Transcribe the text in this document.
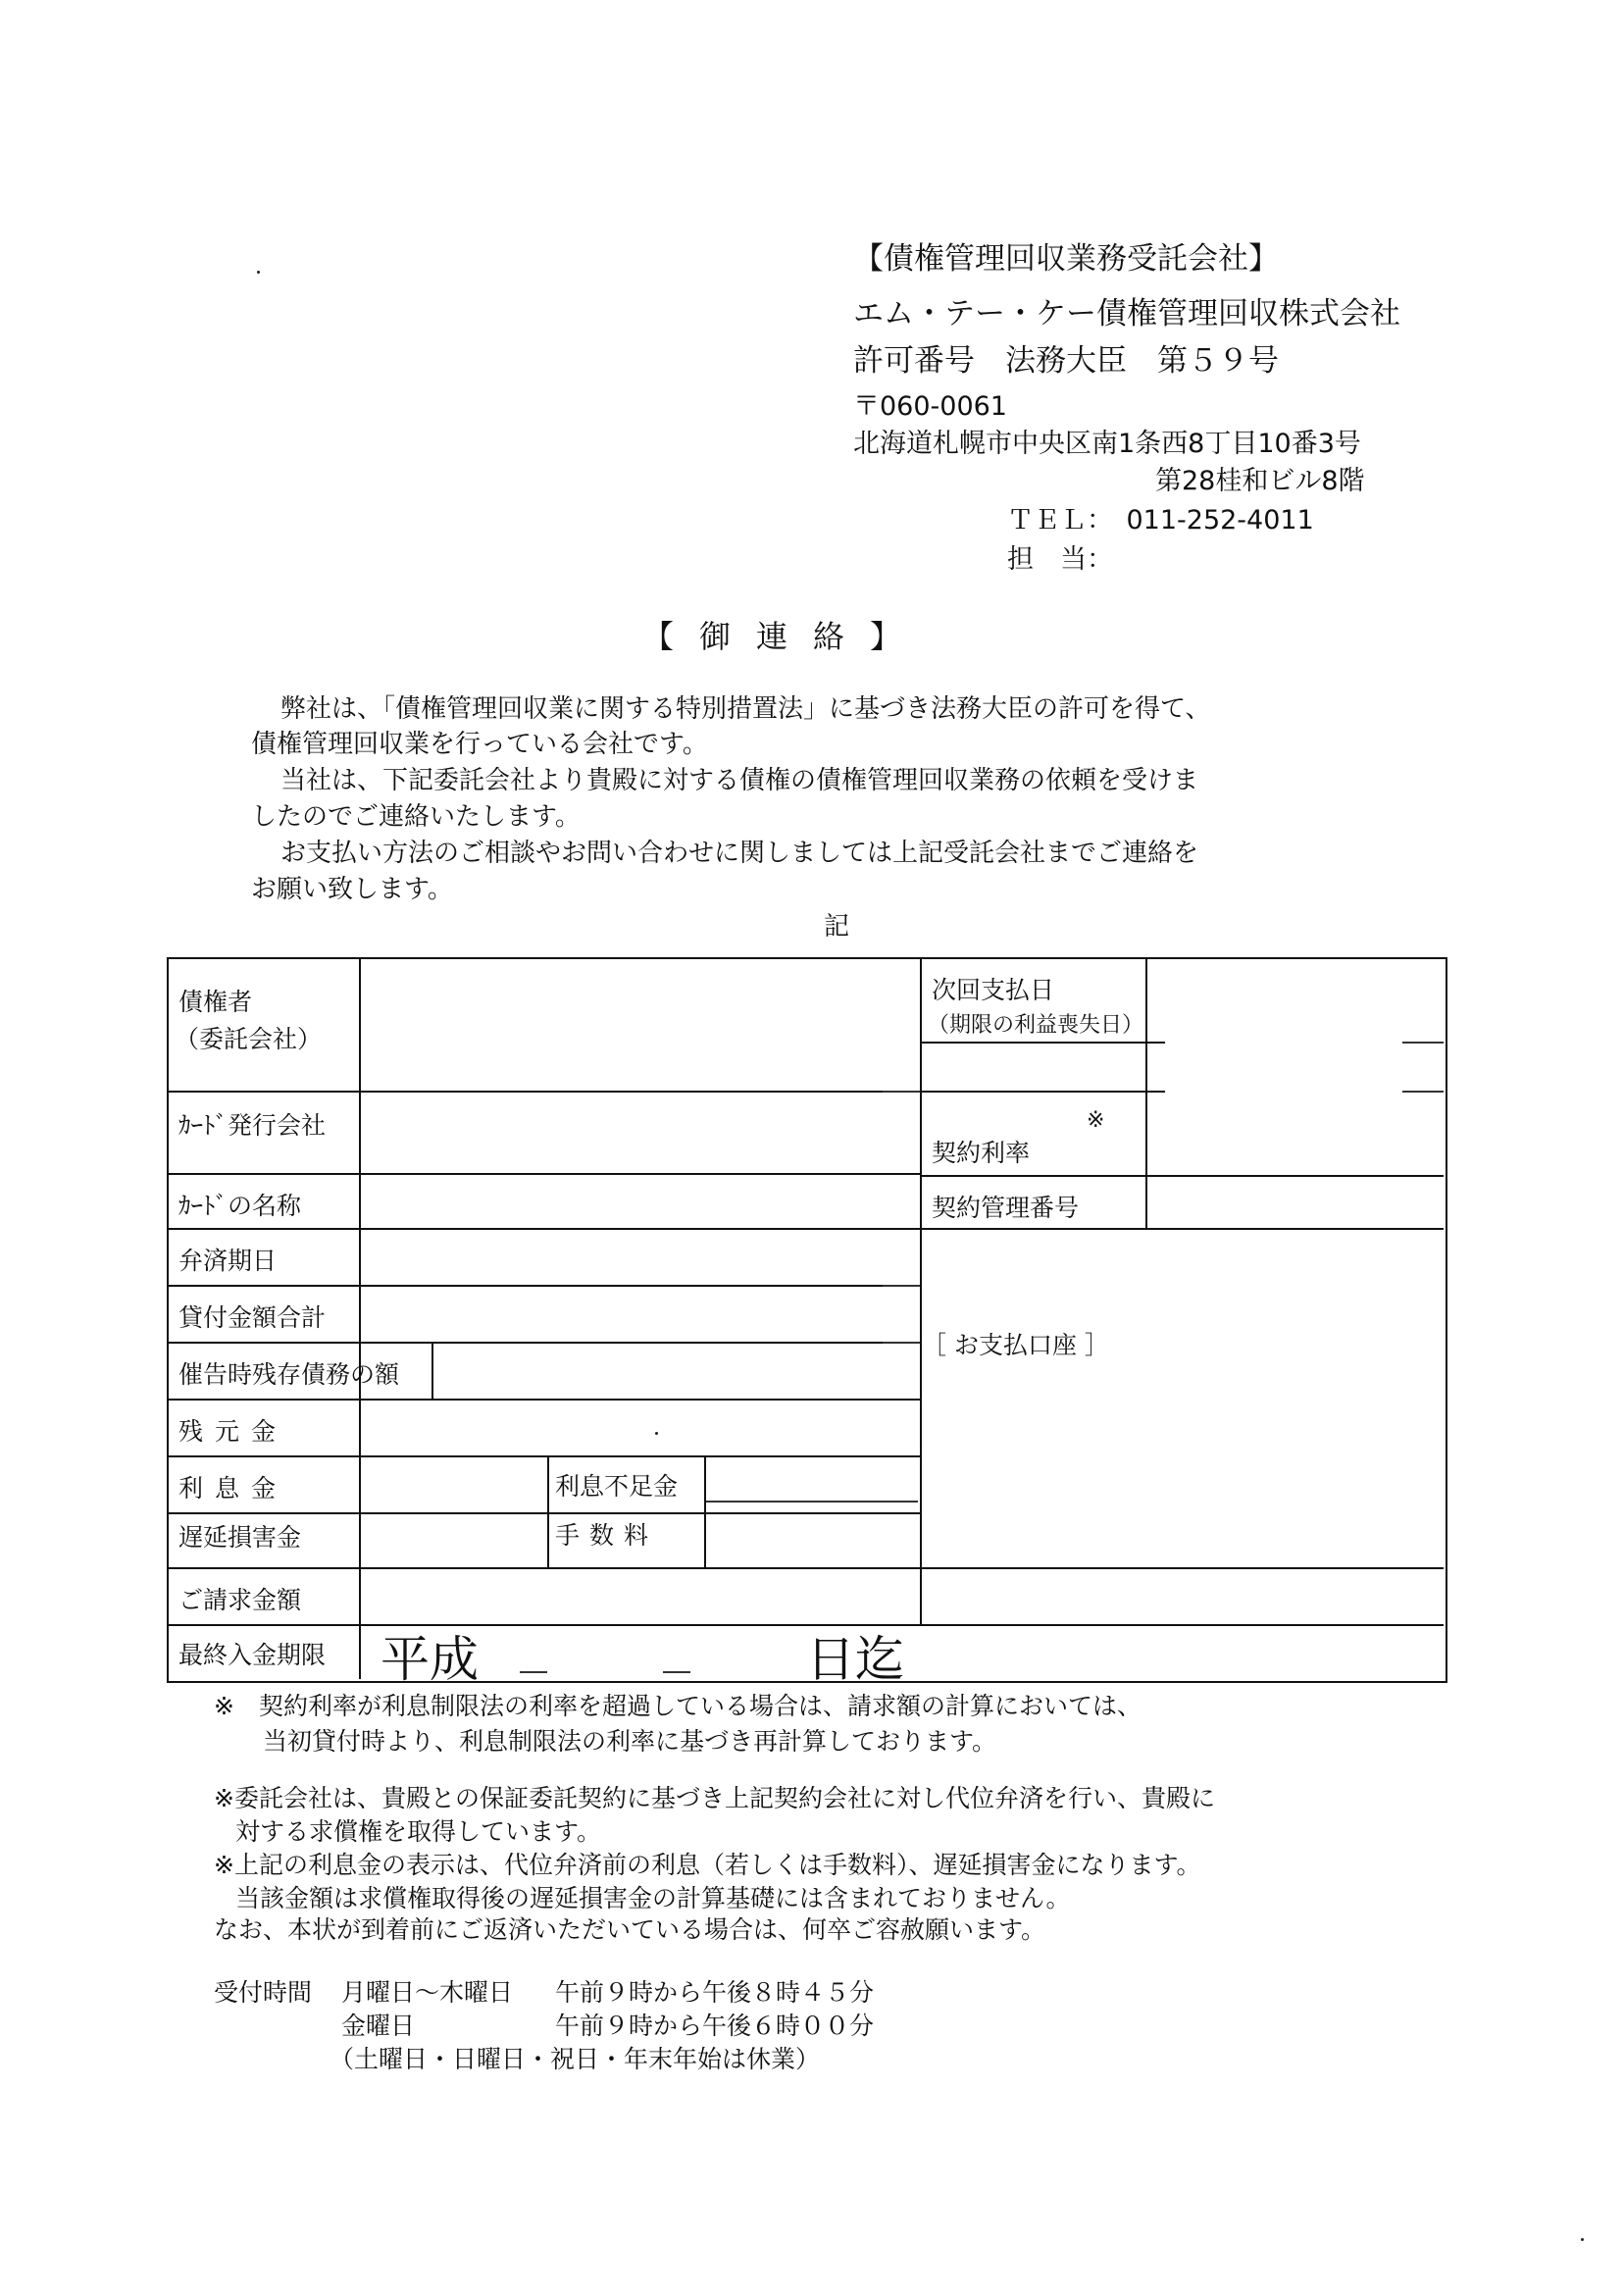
【債権管理回収業務受託会社】
エム・テー・ケー債権管理回収株式会社
許可番号　法務大臣　第５９号
〒060-0061
北海道札幌市中央区南1条西8丁目10番3号
第28桂和ビル8階
ＴＥＬ：　011-252-4011
担　当：
【御連絡】
弊社は、「債権管理回収業に関する特別措置法」に基づき法務大臣の許可を得て、
債権管理回収業を行っている会社です。
当社は、下記委託会社より貴殿に対する債権の債権管理回収業務の依頼を受けま
したのでご連絡いたします。
お支払い方法のご相談やお問い合わせに関しましては上記受託会社までご連絡を
お願い致します。
記
債権者
（委託会社）
ｶｰﾄﾞ発行会社
ｶｰﾄﾞの名称
弁済期日
貸付金額合計
催告時残存債務の額
残元金
利息金
遅延損害金
ご請求金額
最終入金期限
利息不足金
手数料
次回支払日
（期限の利益喪失日）
※
契約利率
契約管理番号
［ お支払口座 ］
平成	日迄
※　契約利率が利息制限法の利率を超過している場合は、請求額の計算においては、
当初貸付時より、利息制限法の利率に基づき再計算しております。
※委託会社は、貴殿との保証委託契約に基づき上記契約会社に対し代位弁済を行い、貴殿に
対する求償権を取得しています。
※上記の利息金の表示は、代位弁済前の利息（若しくは手数料）、遅延損害金になります。
当該金額は求償権取得後の遅延損害金の計算基礎には含まれておりません。
なお、本状が到着前にご返済いただいている場合は、何卒ご容赦願います。
受付時間 月曜日～木曜日 午前９時から午後８時４５分
金曜日	午前９時から午後６時００分
（土曜日・日曜日・祝日・年末年始は休業）
